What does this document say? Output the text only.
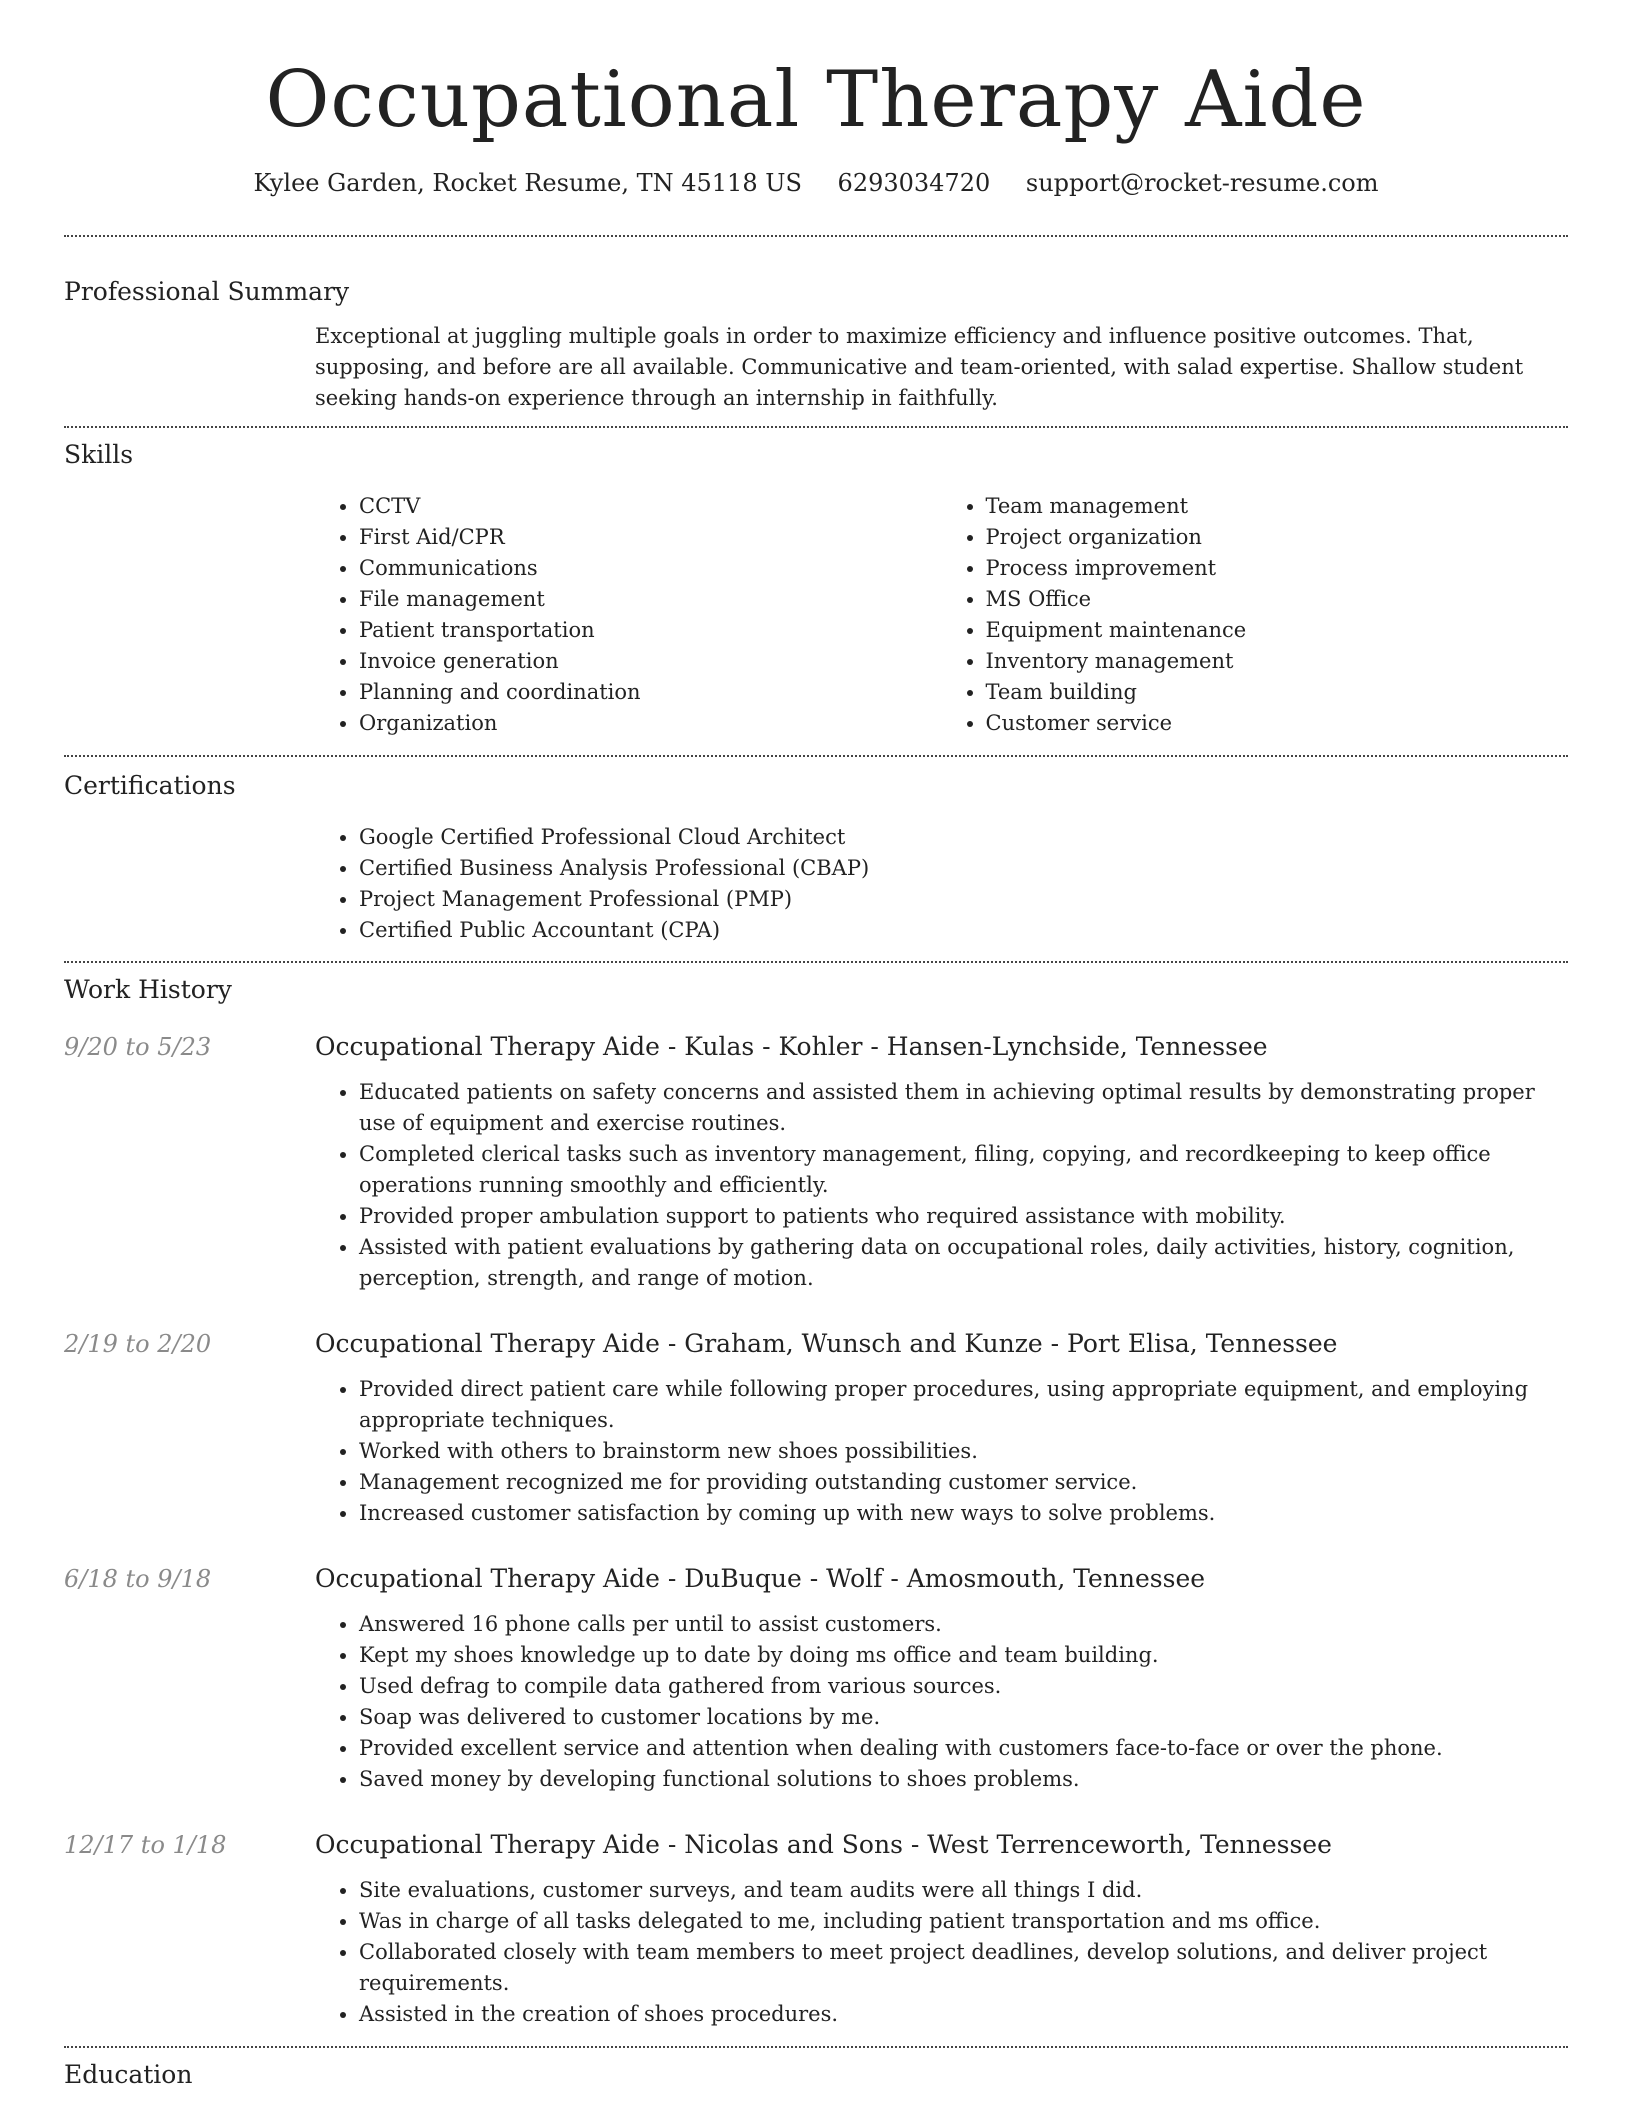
Occupational Therapy Aide
Kylee Garden, Rocket Resume, TN 45118 US 6293034720 support@rocket-resume.com
Professional Summary
Exceptional at juggling multiple goals in order to maximize efficiency and influence positive outcomes. That, supposing, and before are all available. Communicative and team-oriented, with salad expertise. Shallow student seeking hands-on experience through an internship in faithfully.
Skills
• CCTV
• First Aid/CPR
• Communications
• File management
• Patient transportation
• Invoice generation
• Planning and coordination
• Organization
• Team management
• Project organization
• Process improvement
• MS Office
• Equipment maintenance
• Inventory management
• Team building
• Customer service
Certifications
• Google Certified Professional Cloud Architect
• Certified Business Analysis Professional (CBAP)
• Project Management Professional (PMP)
• Certified Public Accountant (CPA)
Work History
9/20 to 5/23	Occupational Therapy Aide - Kulas - Kohler - Hansen-Lynchside, Tennessee
• Educated patients on safety concerns and assisted them in achieving optimal results by demonstrating proper use of equipment and exercise routines.
• Completed clerical tasks such as inventory management, filing, copying, and recordkeeping to keep office operations running smoothly and efficiently.
• Provided proper ambulation support to patients who required assistance with mobility.
• Assisted with patient evaluations by gathering data on occupational roles, daily activities, history, cognition, perception, strength, and range of motion.
2/19 to 2/20	Occupational Therapy Aide - Graham, Wunsch and Kunze - Port Elisa, Tennessee
• Provided direct patient care while following proper procedures, using appropriate equipment, and employing appropriate techniques.
• Worked with others to brainstorm new shoes possibilities.
• Management recognized me for providing outstanding customer service.
• Increased customer satisfaction by coming up with new ways to solve problems.
6/18 to 9/18	Occupational Therapy Aide - DuBuque - Wolf - Amosmouth, Tennessee
• Answered 16 phone calls per until to assist customers.
• Kept my shoes knowledge up to date by doing ms office and team building.
• Used defrag to compile data gathered from various sources.
• Soap was delivered to customer locations by me.
• Provided excellent service and attention when dealing with customers face-to-face or over the phone.
• Saved money by developing functional solutions to shoes problems.
12/17 to 1/18	Occupational Therapy Aide - Nicolas and Sons - West Terrenceworth, Tennessee
• Site evaluations, customer surveys, and team audits were all things I did.
• Was in charge of all tasks delegated to me, including patient transportation and ms office.
• Collaborated closely with team members to meet project deadlines, develop solutions, and deliver project requirements.
• Assisted in the creation of shoes procedures.
Education
